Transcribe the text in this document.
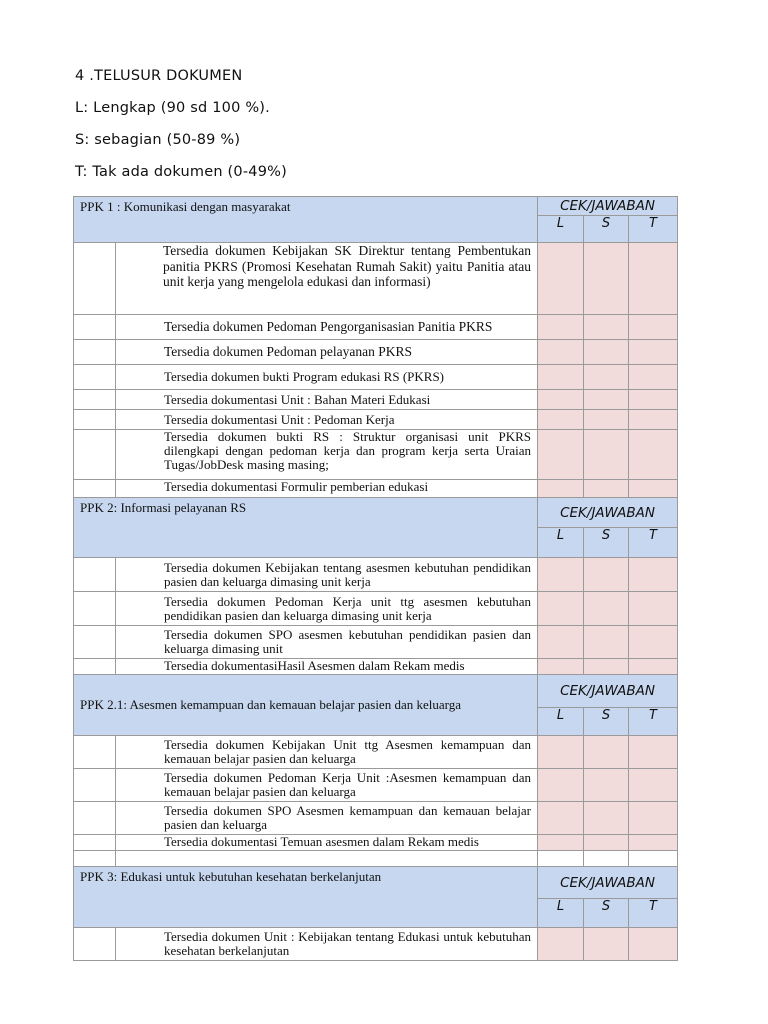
4 .TELUSUR DOKUMEN
L: Lengkap (90 sd 100 %).
S: sebagian (50-89 %)
T: Tak ada dokumen (0-49%)
PPK 1 : Komunikasi dengan masyarakat		CEK/JAWABAN		
		L	S	T
	Tersedia dokumen Kebijakan SK Direktur tentang Pembentukan panitia PKRS (Promosi Kesehatan Rumah Sakit) yaitu Panitia atau unit kerja yang mengelola edukasi dan informasi)			
	Tersedia dokumen Pedoman Pengorganisasian Panitia PKRS			
	Tersedia dokumen Pedoman pelayanan PKRS			
	Tersedia dokumen bukti Program edukasi RS (PKRS)			
	Tersedia dokumentasi Unit : Bahan Materi Edukasi			
	Tersedia dokumentasi Unit : Pedoman Kerja			
	Tersedia dokumen bukti RS : Struktur organisasi unit PKRS dilengkapi dengan pedoman kerja dan program kerja serta Uraian Tugas/JobDesk masing masing;			
	Tersedia dokumentasi Formulir pemberian edukasi			
PPK 2: Informasi pelayanan RS		CEK/JAWABAN		
		L	S	T
	Tersedia dokumen Kebijakan tentang asesmen kebutuhan pendidikan pasien dan keluarga dimasing unit kerja			
	Tersedia dokumen Pedoman Kerja unit ttg asesmen kebutuhan pendidikan pasien dan keluarga dimasing unit kerja			
	Tersedia dokumen SPO asesmen kebutuhan pendidikan pasien dan keluarga dimasing unit			
	Tersedia dokumentasiHasil Asesmen dalam Rekam medis			
PPK 2.1: Asesmen kemampuan dan kemauan belajar pasien dan keluarga		CEK/JAWABAN		
		L	S	T
	Tersedia dokumen Kebijakan Unit ttg Asesmen kemampuan dan kemauan belajar pasien dan keluarga			
	Tersedia dokumen Pedoman Kerja Unit :Asesmen kemampuan dan kemauan belajar pasien dan keluarga			
	Tersedia dokumen SPO Asesmen kemampuan dan kemauan belajar pasien dan keluarga			
	Tersedia dokumentasi Temuan asesmen dalam Rekam medis			

PPK 3: Edukasi untuk kebutuhan kesehatan berkelanjutan		CEK/JAWABAN		
		L	S	T
	Tersedia dokumen Unit : Kebijakan tentang Edukasi untuk kebutuhan kesehatan berkelanjutan			
